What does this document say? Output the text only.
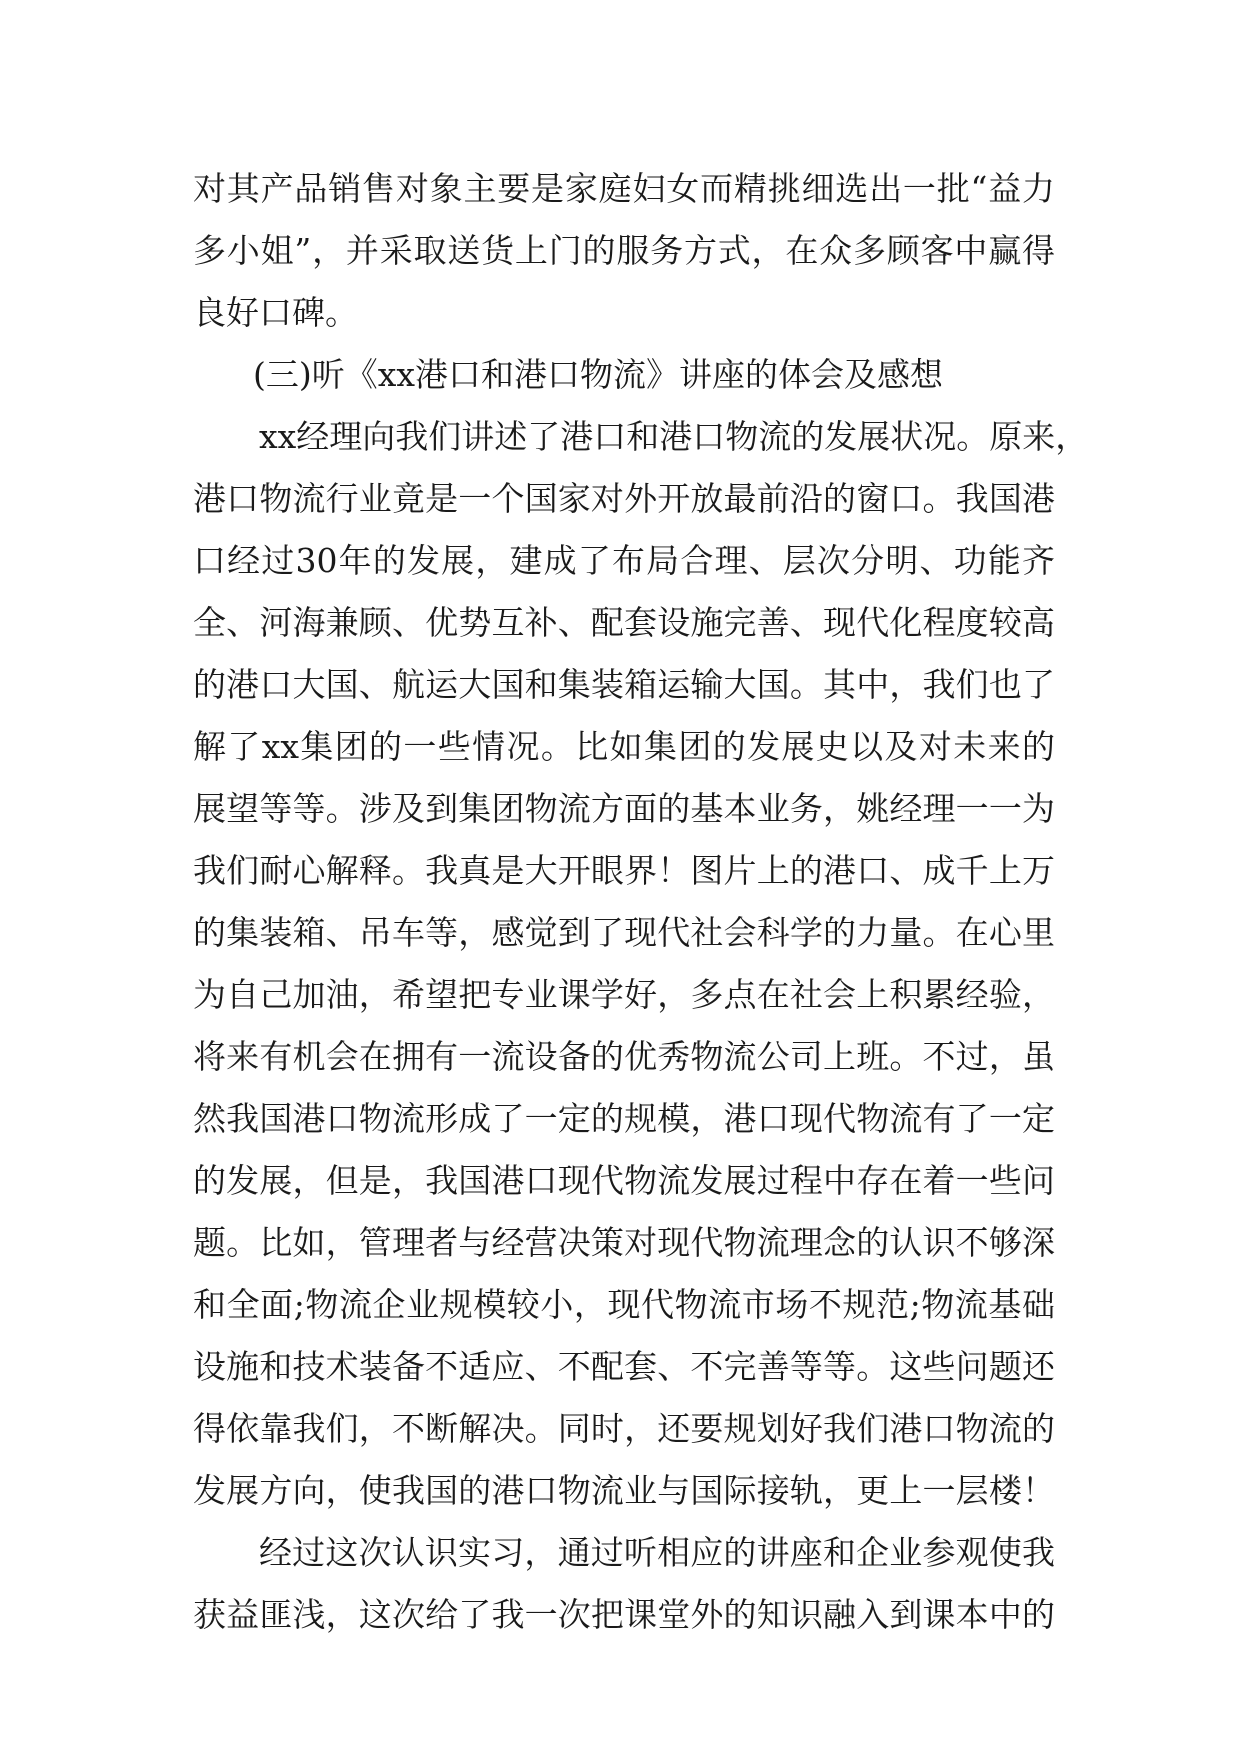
对其产品销售对象主要是家庭妇女而精挑细选出一批“益力
多小姐”，并采取送货上门的服务方式，在众多顾客中赢得
良好口碑。
(三)听《xx港口和港口物流》讲座的体会及感想
xx经理向我们讲述了港口和港口物流的发展状况。原来，
港口物流行业竟是一个国家对外开放最前沿的窗口。我国港
口经过30年的发展，建成了布局合理、层次分明、功能齐
全、河海兼顾、优势互补、配套设施完善、现代化程度较高
的港口大国、航运大国和集装箱运输大国。其中，我们也了
解了xx集团的一些情况。比如集团的发展史以及对未来的
展望等等。涉及到集团物流方面的基本业务，姚经理一一为
我们耐心解释。我真是大开眼界！图片上的港口、成千上万
的集装箱、吊车等，感觉到了现代社会科学的力量。在心里
为自己加油，希望把专业课学好，多点在社会上积累经验，
将来有机会在拥有一流设备的优秀物流公司上班。不过，虽
然我国港口物流形成了一定的规模，港口现代物流有了一定
的发展，但是，我国港口现代物流发展过程中存在着一些问
题。比如，管理者与经营决策对现代物流理念的认识不够深
和全面;物流企业规模较小，现代物流市场不规范;物流基础
设施和技术装备不适应、不配套、不完善等等。这些问题还
得依靠我们，不断解决。同时，还要规划好我们港口物流的
发展方向，使我国的港口物流业与国际接轨，更上一层楼！
经过这次认识实习，通过听相应的讲座和企业参观使我
获益匪浅，这次给了我一次把课堂外的知识融入到课本中的
